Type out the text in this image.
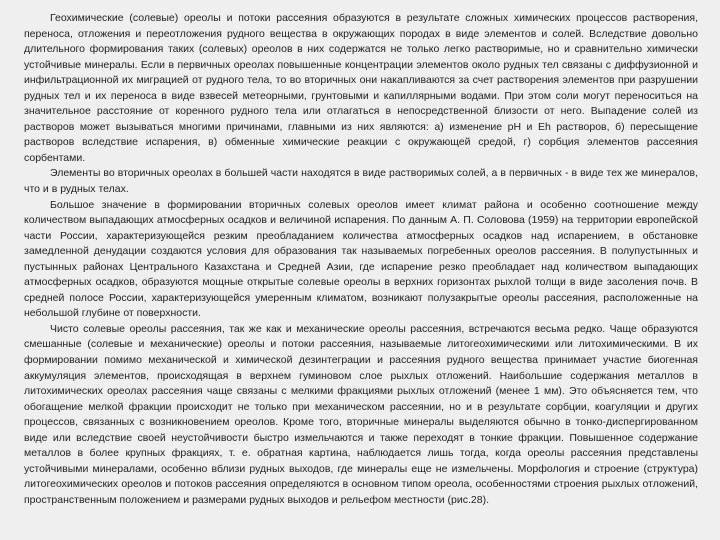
Геохимические (солевые) ореолы и потоки рассеяния образуются в результате сложных химических процессов растворения, переноса, отложения и переотложения рудного вещества в окружающих породах в виде элементов и солей. Вследствие довольно длительного формирования таких (солевых) ореолов в них содержатся не только легко растворимые, но и сравнительно химически устойчивые минералы. Если в первичных ореолах повышенные концентрации элементов около рудных тел связаны с диффузионной и инфильтрационной их миграцией от рудного тела, то во вторичных они накапливаются за счет растворения элементов при разрушении рудных тел и их переноса в виде взвесей метеорными, грунтовыми и капиллярными водами. При этом соли могут переноситься на значительное расстояние от коренного рудного тела или отлагаться в непосредственной близости от него. Выпадение солей из растворов может вызываться многими причинами, главными из них являются: а) изменение рН и Eh растворов, б) пересыщение растворов вследствие испарения, в) обменные химические реакции с окружающей средой, г) сорбция элементов рассеяния сорбентами.

Элементы во вторичных ореолах в большей части находятся в виде растворимых солей, а в первичных - в виде тех же минералов, что и в рудных телах.

Большое значение в формировании вторичных солевых ореолов имеет климат района и особенно соотношение между количеством выпадающих атмосферных осадков и величиной испарения. По данным А. П. Соловова (1959) на территории европейской части России, характеризующейся резким преобладанием количества атмосферных осадков над испарением, в обстановке замедленной денудации создаются условия для образования так называемых погребенных ореолов рассеяния. В полупустынных и пустынных районах Центрального Казахстана и Средней Азии, где испарение резко преобладает над количеством выпадающих атмосферных осадков, образуются мощные открытые солевые ореолы в верхних горизонтах рыхлой толщи в виде засоления почв. В средней полосе России, характеризующейся умеренным климатом, возникают полузакрытые ореолы рассеяния, расположенные на небольшой глубине от поверхности.

Чисто солевые ореолы рассеяния, так же как и механические ореолы рассеяния, встречаются весьма редко. Чаще образуются смешанные (солевые и механические) ореолы и потоки рассеяния, называемые литогеохимическими или литохимическими. В их формировании помимо механической и химической дезинтеграции и рассеяния рудного вещества принимает участие биогенная аккумуляция элементов, происходящая в верхнем гуминовом слое рыхлых отложений. Наибольшие содержания металлов в литохимических ореолах рассеяния чаще связаны с мелкими фракциями рыхлых отложений (менее 1 мм). Это объясняется тем, что обогащение мелкой фракции происходит не только при механическом рассеянии, но и в результате сорбции, коагуляции и других процессов, связанных с возникновением ореолов. Кроме того, вторичные минералы выделяются обычно в тонко-диспергированном виде или вследствие своей неустойчивости быстро измельчаются и также переходят в тонкие фракции. Повышенное содержание металлов в более крупных фракциях, т. е. обратная картина, наблюдается лишь тогда, когда ореолы рассеяния представлены устойчивыми минералами, особенно вблизи рудных выходов, где минералы еще не измельчены. Морфология и строение (структура) литогеохимических ореолов и потоков рассеяния определяются в основном типом ореола, особенностями строения рыхлых отложений, пространственным положением и размерами рудных выходов и рельефом местности (рис.28).
